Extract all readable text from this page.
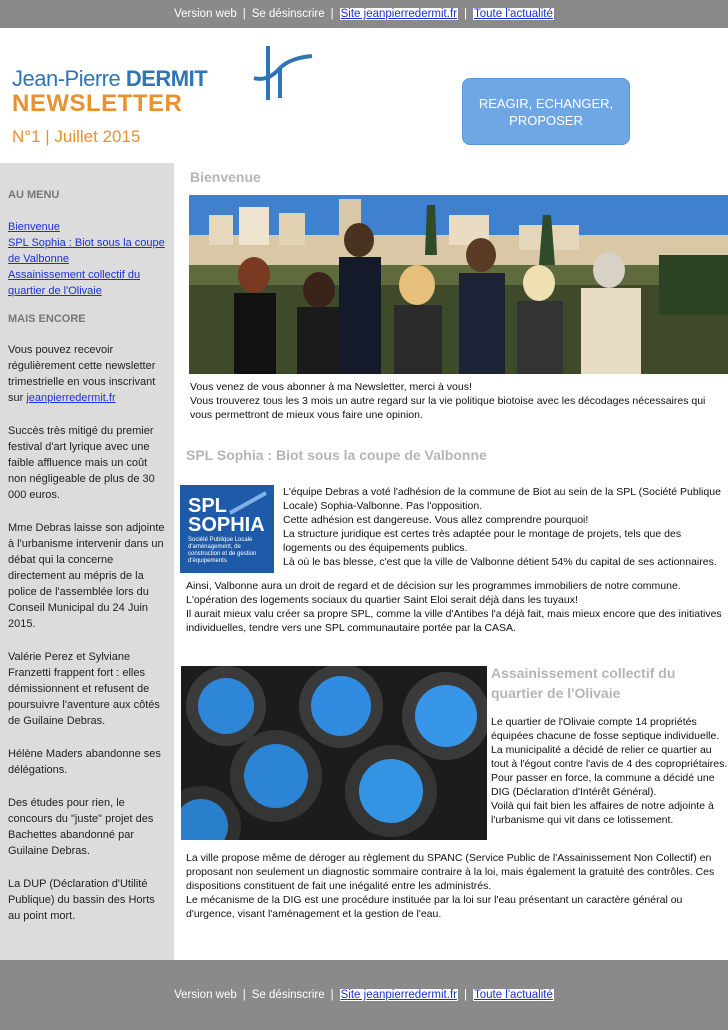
Version web | Se désinscrire | Site jeanpierredermit.fr | Toute l'actualité
Jean-Pierre DERMIT
NEWSLETTER
N°1 | Juillet 2015
REAGIR, ECHANGER, PROPOSER
AU MENU
Bienvenue
SPL Sophia : Biot sous la coupe de Valbonne
Assainissement collectif du quartier de l'Olivaie
MAIS ENCORE
Vous pouvez recevoir régulièrement cette newsletter trimestrielle en vous inscrivant sur jeanpierredermit.fr
Succès très mitigé du premier festival d'art lyrique avec une faible affluence mais un coût non négligeable de plus de 30 000 euros.
Mme Debras laisse son adjointe à l'urbanisme intervenir dans un débat qui la concerne directement au mépris de la police de l'assemblée lors du Conseil Municipal du 24 Juin 2015.
Valérie Perez et Sylviane Franzetti frappent fort : elles démissionnent et refusent de poursuivre l'aventure aux côtés de Guilaine Debras.
Hélène Maders abandonne ses délégations.
Des études pour rien, le concours du "juste" projet des Bachettes abandonné par Guilaine Debras.
La DUP (Déclaration d'Utilité Publique) du bassin des Horts au point mort.
Bienvenue
Vous venez de vous abonner à ma Newsletter, merci à vous!
Vous trouverez tous les 3 mois un autre regard sur la vie politique biotoise avec les décodages nécessaires qui vous permettront de mieux vous faire une opinion.
SPL Sophia : Biot sous la coupe de Valbonne
SPL
SOPHIA
Société Publique Locale d'aménagement, de construction et de gestion d'équipements
L'équipe Debras a voté l'adhésion de la commune de Biot au sein de la SPL (Société Publique Locale) Sophia-Valbonne. Pas l'opposition.
Cette adhésion est dangereuse. Vous allez comprendre pourquoi!
La structure juridique est certes très adaptée pour le montage de projets, tels que des logements ou des équipements publics.
Là où le bas blesse, c'est que la ville de Valbonne détient 54% du capital de ses actionnaires.
Ainsi, Valbonne aura un droit de regard et de décision sur les programmes immobiliers de notre commune.
L'opération des logements sociaux du quartier Saint Eloi serait déjà dans les tuyaux!
Il aurait mieux valu créer sa propre SPL, comme la ville d'Antibes l'a déjà fait, mais mieux encore que des initiatives individuelles, tendre vers une SPL communautaire portée par la CASA.
Assainissement collectif du quartier de l'Olivaie
Le quartier de l'Olivaie compte 14 propriétés équipées chacune de fosse septique individuelle.
La municipalité a décidé de relier ce quartier au tout à l'égout contre l'avis de 4 des copropriétaires.
Pour passer en force, la commune a décidé une DIG (Déclaration d'Intérêt Général).
Voilà qui fait bien les affaires de notre adjointe à l'urbanisme qui vit dans ce lotissement.
La ville propose même de déroger au règlement du SPANC (Service Public de l'Assainissement Non Collectif) en proposant non seulement un diagnostic sommaire contraire à la loi, mais également la gratuité des contrôles. Ces dispositions constituent de fait une inégalité entre les administrés.
Le mécanisme de la DIG est une procédure instituée par la loi sur l'eau présentant un caractère général ou d'urgence, visant l'aménagement et la gestion de l'eau.
Version web | Se désinscrire | Site jeanpierredermit.fr | Toute l'actualité
